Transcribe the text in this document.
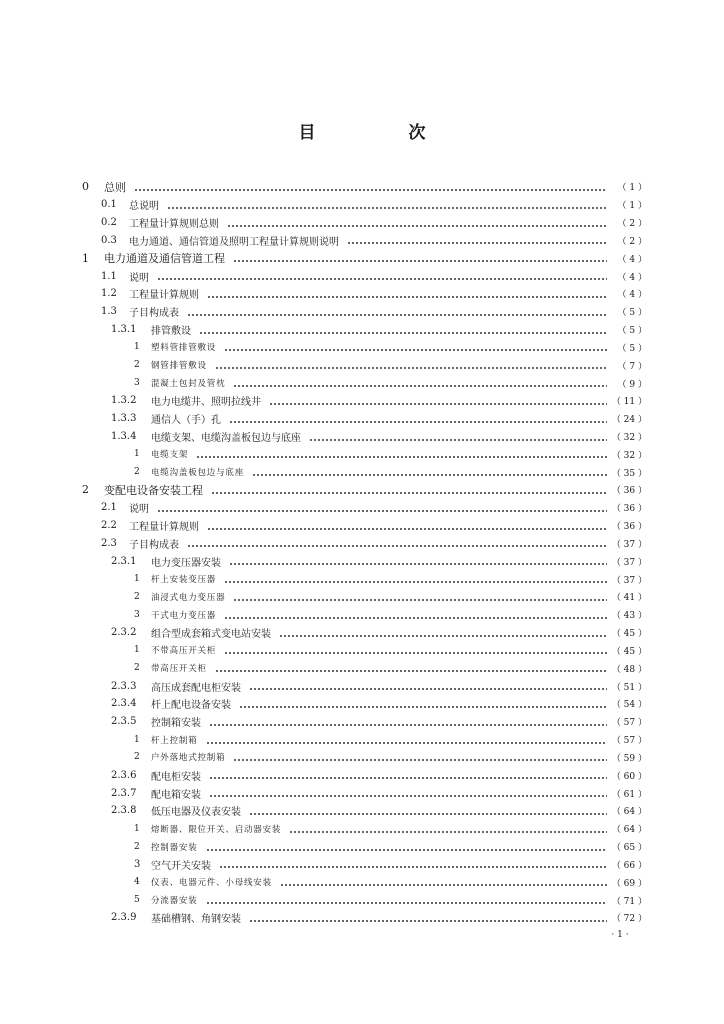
目　次
0	总则	（ 1 ）
0.1	总说明	（ 1 ）
0.2	工程量计算规则总则	（ 2 ）
0.3	电力通道、通信管道及照明工程量计算规则说明	（ 2 ）
1	电力通道及通信管道工程	（ 4 ）
1.1	说明	（ 4 ）
1.2	工程量计算规则	（ 4 ）
1.3	子目构成表	（ 5 ）
1.3.1	排管敷设	（ 5 ）
1	塑料管排管敷设	（ 5 ）
2	钢管排管敷设	（ 7 ）
3	混凝土包封及管枕	（ 9 ）
1.3.2	电力电缆井、照明拉线井	（ 11 ）
1.3.3	通信人（手）孔	（ 24 ）
1.3.4	电缆支架、电缆沟盖板包边与底座	（ 32 ）
1	电缆支架	（ 32 ）
2	电缆沟盖板包边与底座	（ 35 ）
2	变配电设备安装工程	（ 36 ）
2.1	说明	（ 36 ）
2.2	工程量计算规则	（ 36 ）
2.3	子目构成表	（ 37 ）
2.3.1	电力变压器安装	（ 37 ）
1	杆上安装变压器	（ 37 ）
2	油浸式电力变压器	（ 41 ）
3	干式电力变压器	（ 43 ）
2.3.2	组合型成套箱式变电站安装	（ 45 ）
1	不带高压开关柜	（ 45 ）
2	带高压开关柜	（ 48 ）
2.3.3	高压成套配电柜安装	（ 51 ）
2.3.4	杆上配电设备安装	（ 54 ）
2.3.5	控制箱安装	（ 57 ）
1	杆上控制箱	（ 57 ）
2	户外落地式控制箱	（ 59 ）
2.3.6	配电柜安装	（ 60 ）
2.3.7	配电箱安装	（ 61 ）
2.3.8	低压电器及仪表安装	（ 64 ）
1	熔断器、限位开关、启动器安装	（ 64 ）
2	控制器安装	（ 65 ）
3	空气开关安装	（ 66 ）
4	仪表、电器元件、小母线安装	（ 69 ）
5	分流器安装	（ 71 ）
2.3.9	基础槽钢、角钢安装	（ 72 ）
· 1 ·
